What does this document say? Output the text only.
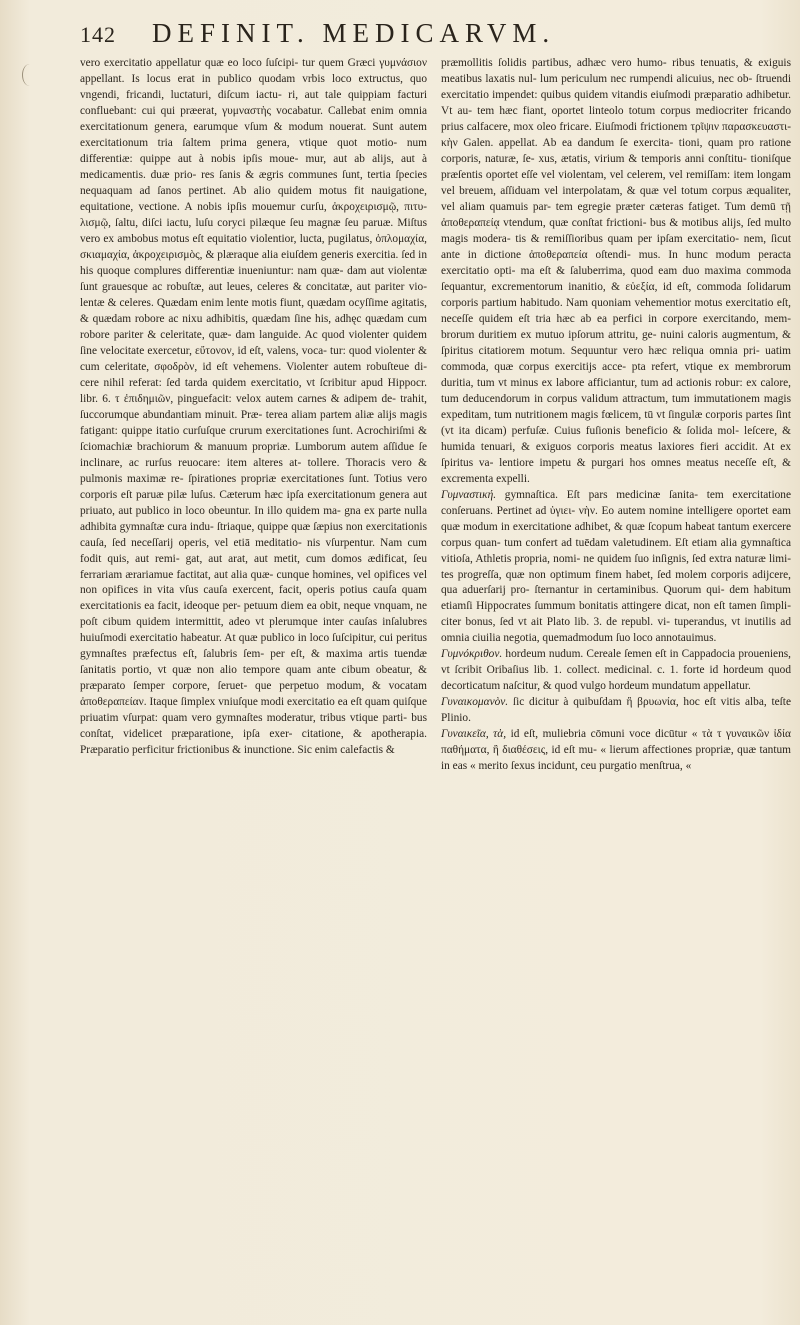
142 DEFINIT. MEDICARVM.

vero exercitatio appellatur quæ eo loco ſuſcipi- tur quem Græci γυμνάσιον appellant. Is locus erat in publico quodam vrbis loco extructus, quo vngendi, fricandi, luctaturi, diſcum iactu- ri, aut tale quippiam facturi confluebant: cui qui præerat, γυμναστὴς vocabatur. Callebat enim omnia exercitationum genera, earumque vſum & modum nouerat. Sunt autem exercitationum tria ſaltem prima genera, vtique quot motio- num differentiæ: quippe aut à nobis ipſis moue- mur, aut ab alijs, aut à medicamentis. duæ prio- res ſanis & ægris communes ſunt, tertia ſpecies nequaquam ad ſanos pertinet. Ab alio quidem motus fit nauigatione, equitatione, vectione. A nobis ipſis mouemur curſu, ἀκροχειρισμῷ, πιτυ- λισμῷ, ſaltu, diſci iactu, luſu coryci pilæque ſeu magnæ ſeu paruæ. Miſtus vero ex ambobus motus eſt equitatio violentior, lucta, pugilatus, ὁπλομαχία, σκιαμαχία, ἀκροχειρισμὸς, & plæraque alia eiuſdem generis exercitia. ſed in his quoque complures differentiæ inueniuntur: nam quæ- dam aut violentæ ſunt grauesque ac robuſtæ, aut leues, celeres & concitatæ, aut pariter vio- lentæ & celeres. Quædam enim lente motis fiunt, quædam ocyſſime agitatis, & quædam robore ac nixu adhibitis, quædam ſine his, adhęc quædam cum robore pariter & celeritate, quæ- dam languide. Ac quod violenter quidem ſine velocitate exercetur, εὔτονον, id eſt, valens, voca- tur: quod violenter & cum celeritate, σφοδρὸν, id eſt vehemens. Violenter autem robuſteue di- cere nihil referat: ſed tarda quidem exercitatio, vt ſcribitur apud Hippocr. libr. 6. τ ἐπιδημιῶν, pinguefacit: velox autem carnes & adipem de- trahit, ſuccorumque abundantiam minuit. Præ- terea aliam partem aliæ alijs magis fatigant: quippe itatio curſuſque crurum exercitationes ſunt. Acrochiriſmi & ſciomachiæ brachiorum & manuum propriæ. Lumborum autem aſſidue ſe inclinare, ac rurſus reuocare: item alteres at- tollere. Thoracis vero & pulmonis maximæ re- ſpirationes propriæ exercitationes ſunt. Totius vero corporis eſt paruæ pilæ luſus. Cæterum hæc ipſa exercitationum genera aut priuato, aut publico in loco obeuntur. In illo quidem ma- gna ex parte nulla adhibita gymnaſtæ cura indu- ſtriaque, quippe quæ ſæpius non exercitationis cauſa, ſed neceſſarij operis, vel etiā meditatio- nis vſurpentur. Nam cum fodit quis, aut remi- gat, aut arat, aut metit, cum domos ædificat, ſeu ferrariam ærariamue factitat, aut alia quæ- cunque homines, vel opifices vel non opifices in vita vſus cauſa exercent, facit, operis potius cauſa quam exercitationis ea facit, ideoque per- petuum diem ea obit, neque vnquam, ne poſt cibum quidem intermittit, adeo vt plerumque inter cauſas inſalubres huiuſmodi exercitatio habeatur. At quæ publico in loco ſuſcipitur, cui peritus gymnaſtes præfectus eſt, ſalubris ſem- per eſt, & maxima artis tuendæ ſanitatis portio, vt quæ non alio tempore quam ante cibum obeatur, & præparato ſemper corpore, ſeruet- que perpetuo modum, & vocatam ἀποθεραπείαν. Itaque ſimplex vniuſque modi exercitatio ea eſt quam quiſque priuatim vſurpat: quam vero gymnaſtes moderatur, tribus vtique parti- bus conſtat, videlicet præparatione, ipſa exer- citatione, & apotherapia. Præparatio perficitur frictionibus & inunctione. Sic enim calefactis &

præmollitis ſolidis partibus, adhæc vero humo- ribus tenuatis, & exiguis meatibus laxatis nul- lum periculum nec rumpendi alicuius, nec ob- ſtruendi exercitatio impendet: quibus quidem vitandis eiuſmodi præparatio adhibetur. Vt au- tem hæc fiant, oportet linteolo totum corpus mediocriter fricando prius calfacere, mox oleo fricare. Eiuſmodi frictionem τρῖψιν παρασκευαστι- κὴν Galen. appellat. Ab ea dandum ſe exercita- tioni, quam pro ratione corporis, naturæ, ſe- xus, ætatis, virium & temporis anni conſtitu- tioniſque præſentis oportet eſſe vel violentam, vel celerem, vel remiſſam: item longam vel breuem, aſſiduam vel interpolatam, & quæ vel totum corpus æqualiter, vel aliam quamuis par- tem egregie præter cæteras fatiget. Tum demū τῇ ἀποθεραπείᾳ vtendum, quæ conſtat frictioni- bus & motibus alijs, ſed multo magis modera- tis & remiſſioribus quam per ipſam exercitatio- nem, ſicut ante in dictione ἀποθεραπεία oſtendi- mus. In hunc modum peracta exercitatio opti- ma eſt & ſaluberrima, quod eam duo maxima commoda ſequantur, excrementorum inanitio, & εὐεξία, id eſt, commoda ſolidarum corporis partium habitudo. Nam quoniam vehementior motus exercitatio eſt, neceſſe quidem eſt tria hæc ab ea perfici in corpore exercitando, mem- brorum duritiem ex mutuo ipſorum attritu, ge- nuini caloris augmentum, & ſpiritus citatiorem motum. Sequuntur vero hæc reliqua omnia pri- uatim commoda, quæ corpus exercitijs acce- pta refert, vtique ex membrorum duritia, tum vt minus ex labore afficiantur, tum ad actionis robur: ex calore, tum deducendorum in corpus validum attractum, tum immutationem magis expeditam, tum nutritionem magis fœlicem, tū vt ſingulæ corporis partes ſint (vt ita dicam) perfuſæ. Cuius fuſionis beneficio & ſolida mol- leſcere, & humida tenuari, & exiguos corporis meatus laxiores fieri accidit. At ex ſpiritus va- lentiore impetu & purgari hos omnes meatus neceſſe eſt, & excrementa expelli.

Γυμναστική. gymnaſtica. Eſt pars medicinæ ſanita- tem exercitatione conſeruans. Pertinet ad ὑγιει- νὴν. Eo autem nomine intelligere oportet eam quæ modum in exercitatione adhibet, & quæ ſcopum habeat tantum exercere corpus quan- tum confert ad tuēdam valetudinem. Eſt etiam alia gymnaſtica vitioſa, Athletis propria, nomi- ne quidem ſuo inſignis, ſed extra naturæ limi- tes progreſſa, quæ non optimum finem habet, ſed molem corporis adijcere, qua aduerſarij pro- ſternantur in certaminibus. Quorum qui- dem habitum etiamſi Hippocrates ſummum bonitatis attingere dicat, non eſt tamen ſimpli- citer bonus, ſed vt ait Plato lib. 3. de republ. vi- tuperandus, vt inutilis ad omnia ciuilia negotia, quemadmodum ſuo loco annotauimus.

Γυμνόκριθον. hordeum nudum. Cereale ſemen eſt in Cappadocia proueniens, vt ſcribit Oribaſius lib. 1. collect. medicinal. c. 1. forte id hordeum quod decorticatum naſcitur, & quod vulgo hordeum mundatum appellatur.

Γυναικομανὸν. ſic dicitur à quibuſdam ἢ βρυωνία, hoc eſt vitis alba, teſte Plinio.

Γυναικεῖα, τὰ, id eſt, muliebria cōmuni voce dicūtur « τὰ τ γυναικῶν ἰδία παθήματα, ἢ διαθέσεις, id eſt mu- « lierum affectiones propriæ, quæ tantum in eas « merito ſexus incidunt, ceu purgatio menſtrua, «
